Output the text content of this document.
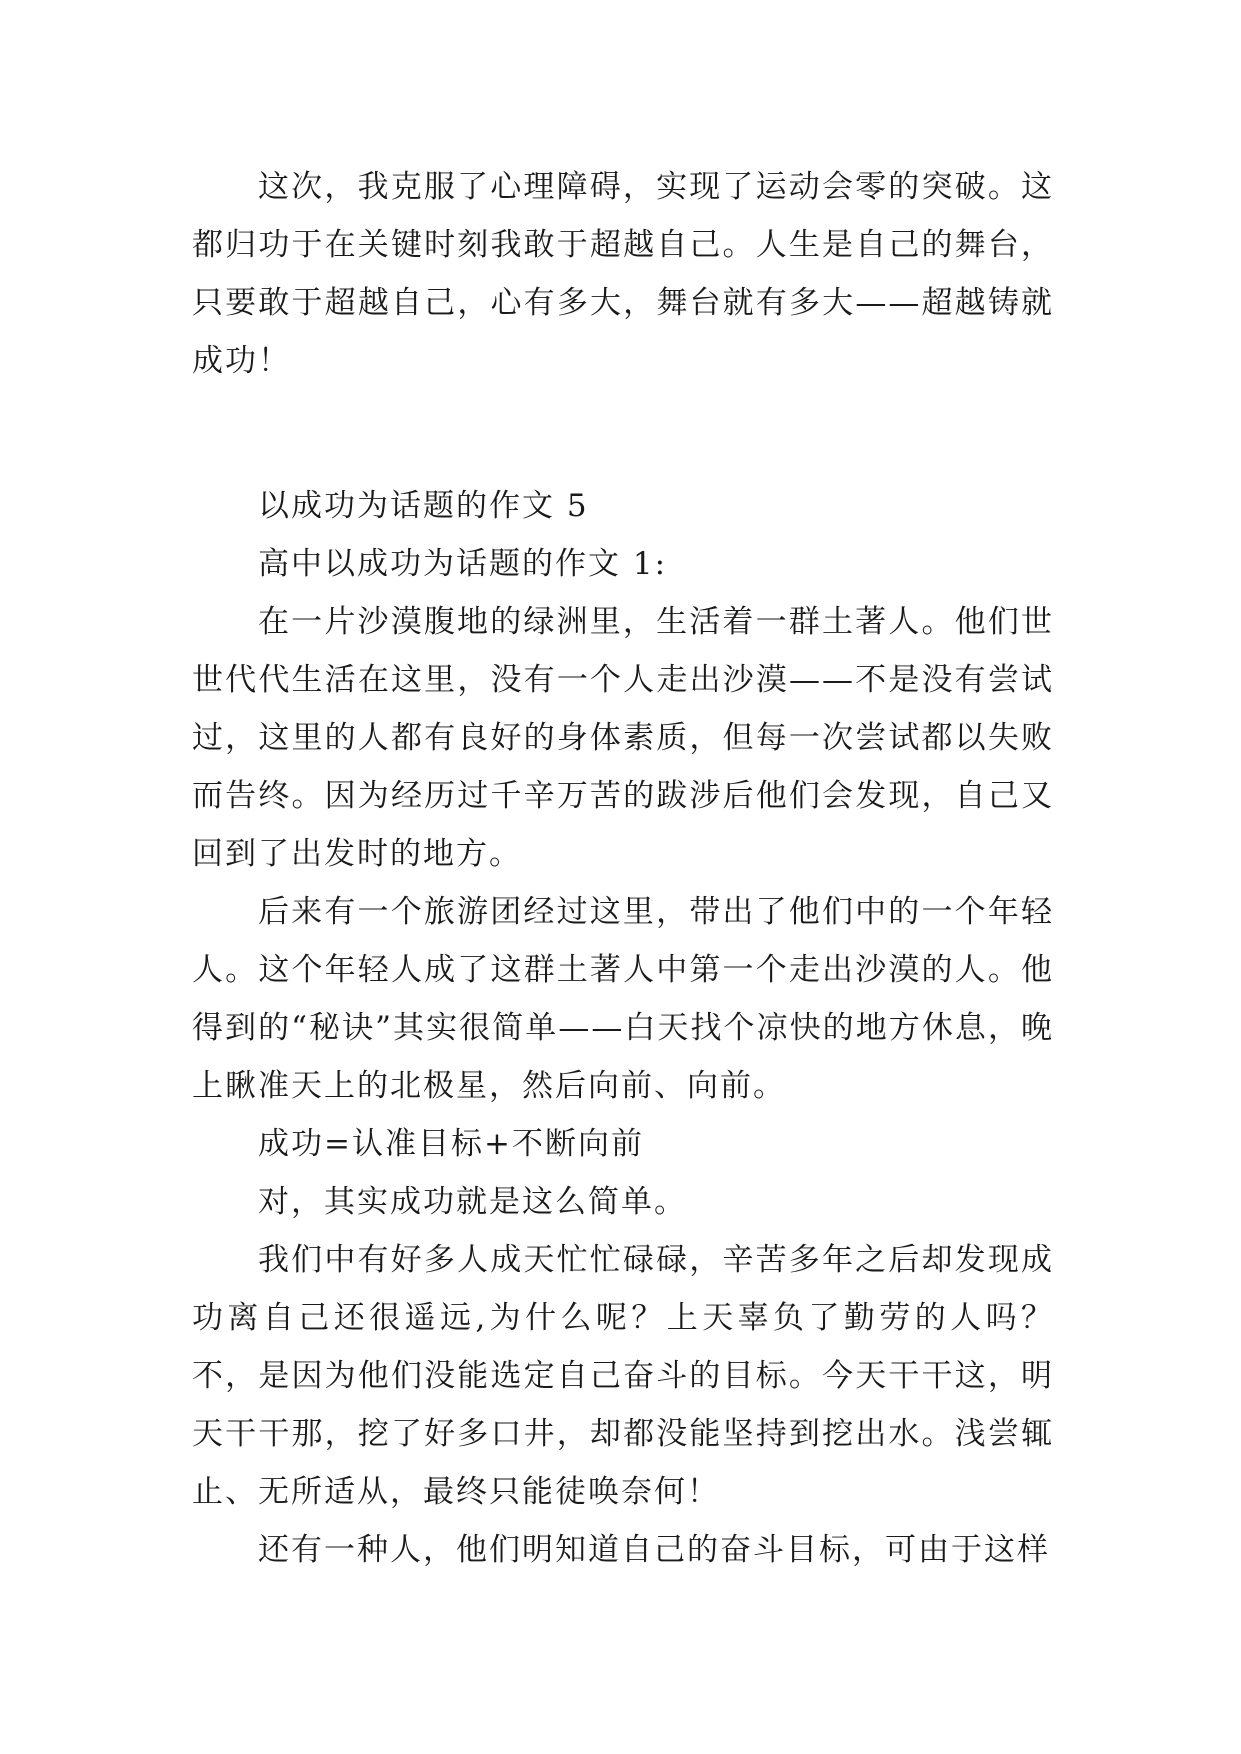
这次，我克服了心理障碍，实现了运动会零的突破。这都归功于在关键时刻我敢于超越自己。人生是自己的舞台，只要敢于超越自己，心有多大，舞台就有多大——超越铸就成功！

以成功为话题的作文 5

高中以成功为话题的作文 1:

在一片沙漠腹地的绿洲里，生活着一群土著人。他们世世代代生活在这里，没有一个人走出沙漠——不是没有尝试过，这里的人都有良好的身体素质，但每一次尝试都以失败而告终。因为经历过千辛万苦的跋涉后他们会发现，自己又回到了出发时的地方。

后来有一个旅游团经过这里，带出了他们中的一个年轻人。这个年轻人成了这群土著人中第一个走出沙漠的人。他得到的“秘诀”其实很简单——白天找个凉快的地方休息，晚上瞅准天上的北极星，然后向前、向前。

成功=认准目标+不断向前

对，其实成功就是这么简单。

我们中有好多人成天忙忙碌碌，辛苦多年之后却发现成功离自己还很遥远,为什么呢？上天辜负了勤劳的人吗？不，是因为他们没能选定自己奋斗的目标。今天干干这，明天干干那，挖了好多口井，却都没能坚持到挖出水。浅尝辄止、无所适从，最终只能徒唤奈何！

还有一种人，他们明知道自己的奋斗目标，可由于这样
